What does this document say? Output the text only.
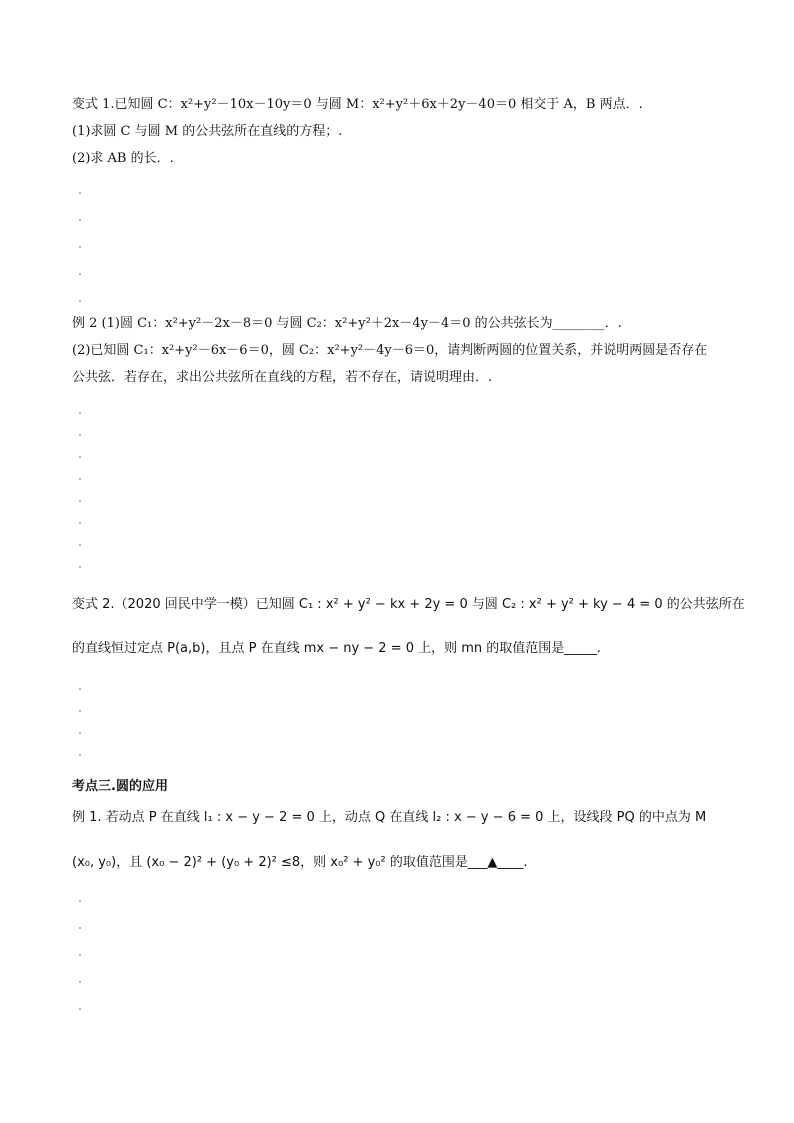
变式 1.已知圆 C：x²+y²－10x－10y＝0 与圆 M：x²+y²＋6x＋2y－40＝0 相交于 A，B 两点．.
(1)求圆 C 与圆 M 的公共弦所在直线的方程；.
(2)求 AB 的长．.
例 2 (1)圆 C₁：x²+y²－2x－8＝0 与圆 C₂：x²+y²＋2x－4y－4＝0 的公共弦长为________．.
(2)已知圆 C₁：x²+y²－6x－6＝0，圆 C₂：x²+y²－4y－6＝0，请判断两圆的位置关系，并说明两圆是否存在
公共弦．若存在，求出公共弦所在直线的方程，若不存在，请说明理由．.
变式 2.（2020 回民中学一模）已知圆 C₁ : x² + y² − kx + 2y = 0 与圆 C₂ : x² + y² + ky − 4 = 0 的公共弦所在
的直线恒过定点 P(a,b)，且点 P 在直线 mx − ny − 2 = 0 上，则 mn 的取值范围是_____.
考点三.圆的应用
例 1. 若动点 P 在直线 l₁ : x − y − 2 = 0 上，动点 Q 在直线 l₂ : x − y − 6 = 0 上，设线段 PQ 的中点为 M
(x₀, y₀)，且 (x₀ − 2)² + (y₀ + 2)² ≤8，则 x₀² + y₀² 的取值范围是___▲____.
